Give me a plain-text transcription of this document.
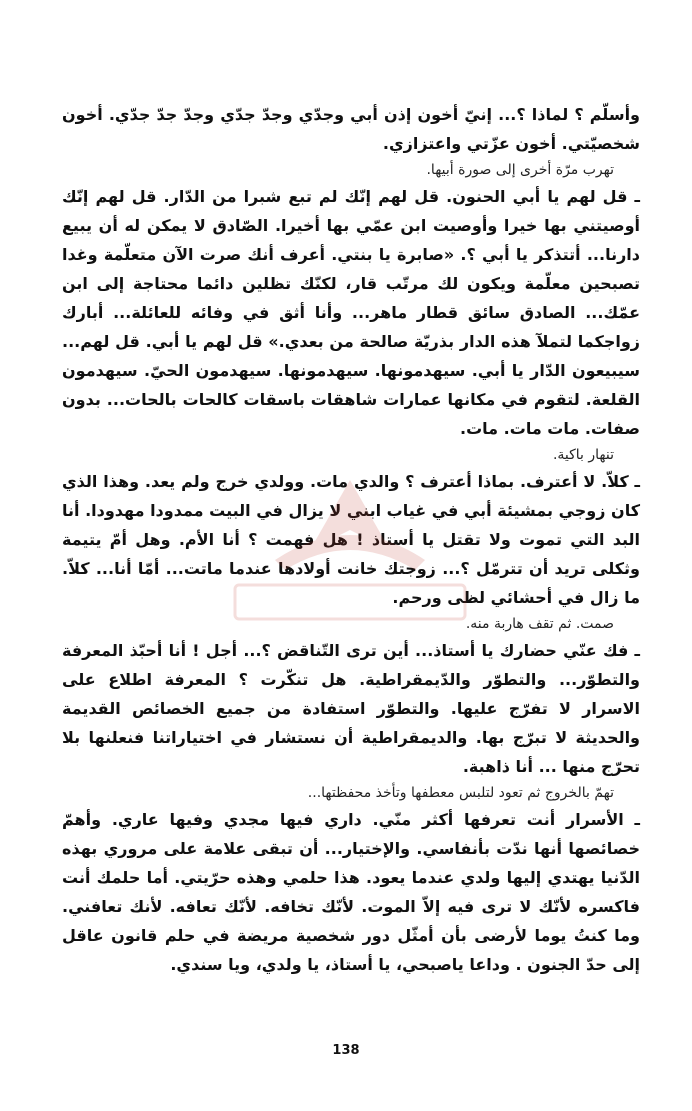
وأسلّم ؟ لماذا ؟... إنيّ أخون إذن أبي وجدّي وجدّ جدّي وجدّ جدّ جدّي. أخون شخصيّتي. أخون عزّتي واعتزازي.

تهرب مرّة أخرى إلى صورة أبيها.

ـ قل لهم يا أبي الحنون. قل لهم إنّك لم تبع شبرا من الدّار. قل لهم إنّك أوصيتني بها خيرا وأوصيت ابن عمّي بها أخيرا. الصّادق لا يمكن له أن يبيع دارنا... أتتذكر يا أبي ؟. «صابرة يا بنتي. أعرف أنك صرت الآن متعلّمة وغدا تصبحين معلّمة ويكون لك مرتّب قار، لكنّك تظلين دائما محتاجة إلى ابن عمّك... الصادق سائق قطار ماهر... وأنا أثق في وفائه للعائلة... أبارك زواجكما لتملآ هذه الدار بذريّة صالحة من بعدي.» قل لهم يا أبي. قل لهم... سيبيعون الدّار يا أبي. سيهدمونها. سيهدمونها. سيهدمون الحيّ. سيهدمون القلعة. لتقوم في مكانها عمارات شاهقات باسقات كالحات بالحات... بدون صفات. مات مات. مات.

تنهار باكية.

ـ كلاّ. لا أعترف. بماذا أعترف ؟ والدي مات. وولدي خرج ولم يعد. وهذا الذي كان زوجي بمشيئة أبي في غياب ابني لا يزال في البيت ممدودا مهدودا. أنا البد التي تموت ولا تقتل يا أستاذ ! هل فهمت ؟ أنا الأم. وهل أمّ يتيمة وثكلى تريد أن تترمّل ؟... زوجتك خانت أولادها عندما ماتت... أمّا أنا... كلاّ. ما زال في أحشائي لظى ورحم.

صمت. ثم تقف هاربة منه.

ـ فك عنّي حضارك يا أستاذ... أين ترى التّناقض ؟... أجل ! أنا أحبّذ المعرفة والتطوّر... والتطوّر والدّيمقراطية. هل تنكّرت ؟ المعرفة اطلاع على الاسرار لا تفرّج عليها. والتطوّر استفادة من جميع الخصائص القديمة والحديثة لا تبرّج بها. والديمقراطية أن نستشار في اختياراتنا فنعلنها بلا تحرّج منها ... أنا ذاهبة.

تهمّ بالخروج ثم تعود لتلبس معطفها وتأخذ محفظتها...

ـ الأسرار أنت تعرفها أكثر منّي. داري فيها مجدي وفيها عاري. وأهمّ خصائصها أنها ندّت بأنفاسي. والإختيار... أن تبقى علامة على مروري بهذه الدّنيا يهتدي إليها ولدي عندما يعود. هذا حلمي وهذه حرّيتي. أما حلمك أنت فاكسره لأنّك لا ترى فيه إلاّ الموت. لأنّك تخافه. لأنّك تعافه. لأنك تعافني. وما كنتُ يوما لأرضى بأن أمثّل دور شخصية مريضة في حلم قانون عاقل إلى حدّ الجنون . وداعا ياصبحي، يا أستاذ، يا ولدي، ويا سندي.

138
